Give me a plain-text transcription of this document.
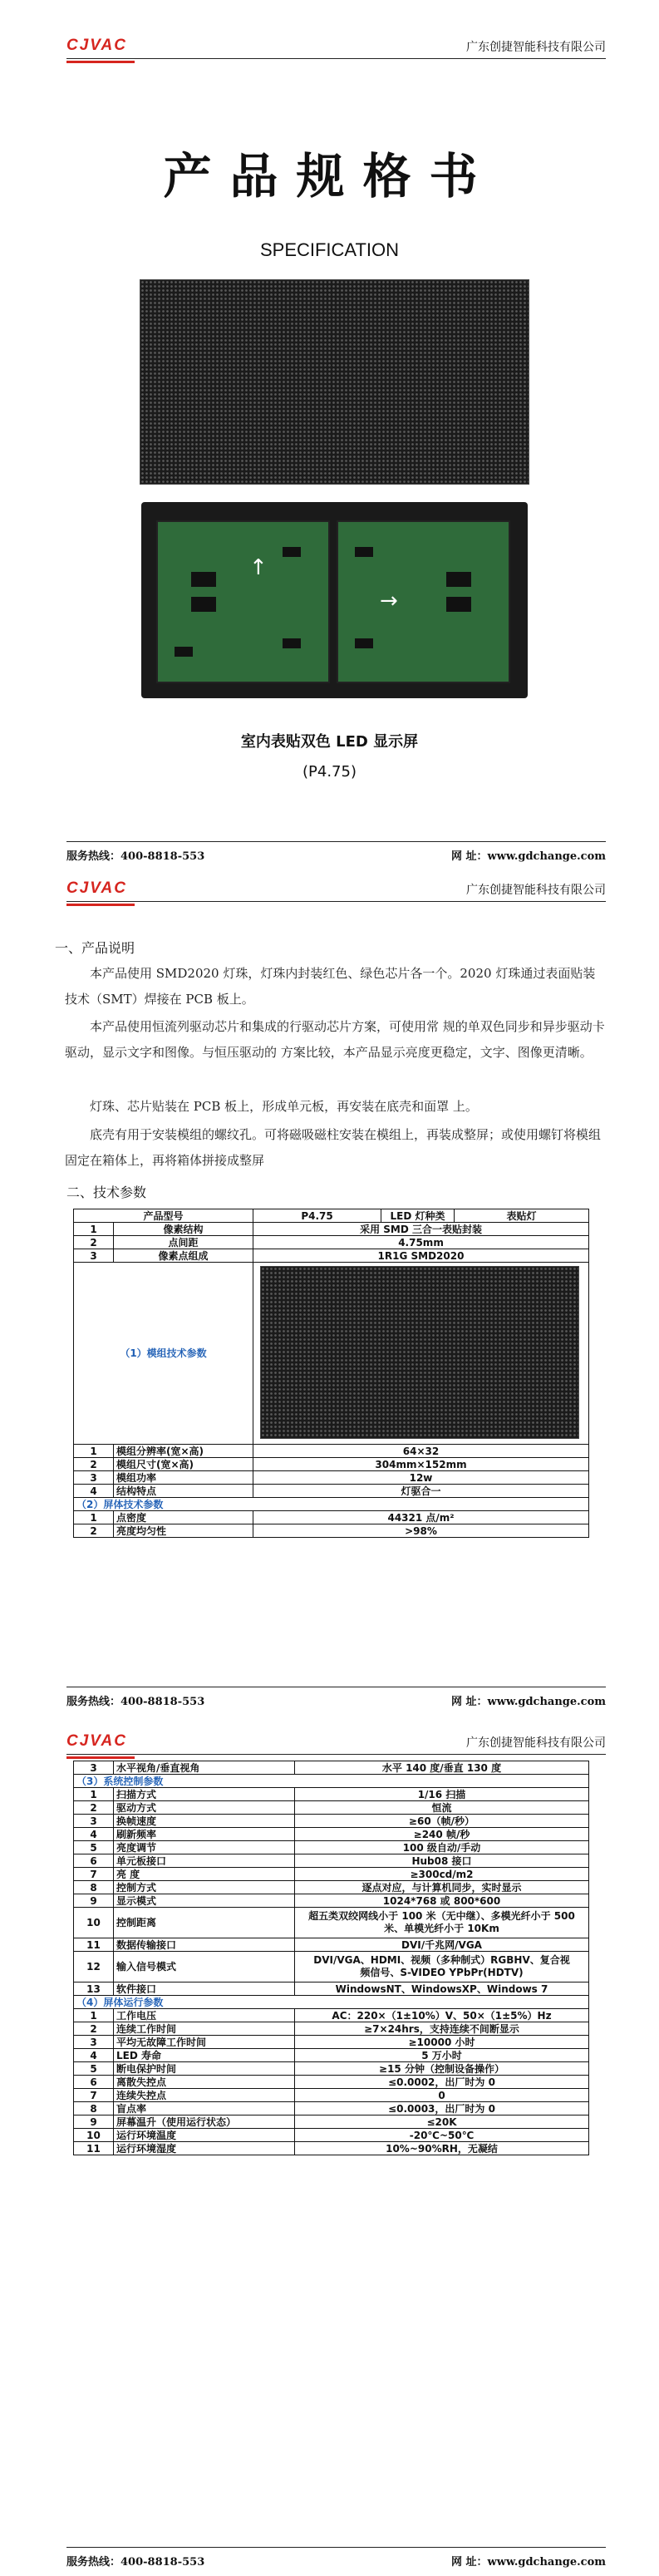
CJVAC	广东创捷智能科技有限公司
产品规格书
SPECIFICATION
↑
→
室内表贴双色 LED 显示屏
(P4.75)
服务热线：400-8818-553	网 址：www.gdchange.com
CJVAC	广东创捷智能科技有限公司
一、产品说明
本产品使用 SMD2020 灯珠，灯珠内封装红色、绿色芯片各一个。2020 灯珠通过表面贴装技术（SMT）焊接在 PCB 板上。
本产品使用恒流列驱动芯片和集成的行驱动芯片方案，可使用常 规的单双色同步和异步驱动卡驱动，显示文字和图像。与恒压驱动的 方案比较，本产品显示亮度更稳定，文字、图像更清晰。
灯珠、芯片贴装在 PCB 板上，形成单元板，再安装在底壳和面罩 上。
底壳有用于安装模组的螺纹孔。可将磁吸磁柱安装在模组上，再装成整屏；或使用螺钉将模组固定在箱体上，再将箱体拼接成整屏
二、技术参数
产品型号		P4.75	LED 灯种类	表贴灯
1	像素结构	采用 SMD 三合一表贴封装		
2	点间距	4.75mm		
3	像素点组成	1R1G SMD2020		
（1）模组技术参数				

1	模组分辨率(宽×高)	64×32		
2	模组尺寸(宽×高)	304mm×152mm		
3	模组功率	12w		
4	结构特点	灯驱合一		
（2）屏体技术参数				
1	点密度	44321 点/m²		
2	亮度均匀性	>98%		
服务热线：400-8818-553	网 址：www.gdchange.com
CJVAC	广东创捷智能科技有限公司
3	水平视角/垂直视角	水平 140 度/垂直 130 度
（3）系统控制参数		
1	扫描方式	1/16 扫描
2	驱动方式	恒流
3	换帧速度	≥60（帧/秒）
4	刷新频率	≥240 帧/秒
5	亮度调节	100 级自动/手动
6	单元板接口	Hub08 接口
7	亮 度	≥300cd/m2
8	控制方式	逐点对应，与计算机同步，实时显示
9	显示模式	1024*768 或 800*600
10	控制距离	超五类双绞网线小于 100 米（无中继）、多模光纤小于 500 米、单模光纤小于 10Km
11	数据传输接口	DVI/千兆网/VGA
12	输入信号模式	DVI/VGA、HDMI、视频（多种制式）RGBHV、复合视频信号、S-VIDEO YPbPr(HDTV)
13	软件接口	WindowsNT、WindowsXP、Windows 7
（4）屏体运行参数		
1	工作电压	AC：220×（1±10%）V、50×（1±5%）Hz
2	连续工作时间	≥7×24hrs，支持连续不间断显示
3	平均无故障工作时间	≥10000 小时
4	LED 寿命	5 万小时
5	断电保护时间	≥15 分钟（控制设备操作）
6	离散失控点	≤0.0002，出厂时为 0
7	连续失控点	0
8	盲点率	≤0.0003，出厂时为 0
9	屏幕温升（使用运行状态）	≤20K
10	运行环境温度	-20℃~50℃
11	运行环境湿度	10%~90%RH，无凝结
服务热线：400-8818-553	网 址：www.gdchange.com
